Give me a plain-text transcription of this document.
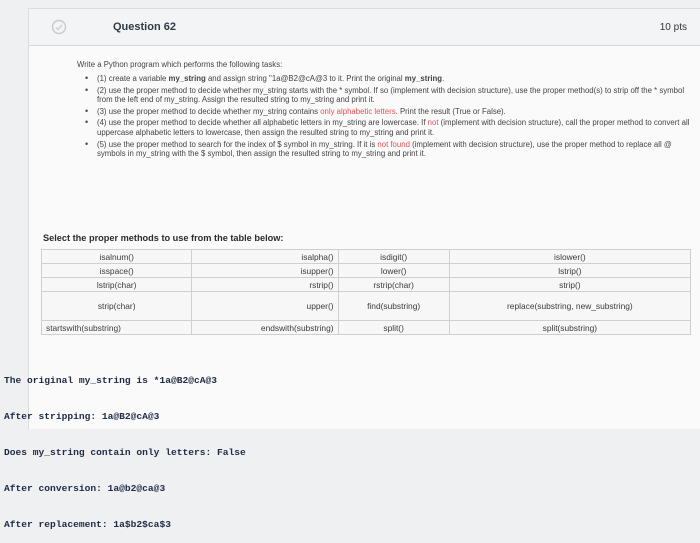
Question 62	10 pts
Write a Python program which performs the following tasks:
• (1) create a variable my_string and assign string "1a@B2@cA@3 to it. Print the original my_string.
• (2) use the proper method to decide whether my_string starts with the * symbol. If so (implement with decision structure), use the proper method(s) to strip off the * symbol from the left end of my_string. Assign the resulted string to my_string and print it.
• (3) use the proper method to decide whether my_string contains only alphabetic letters. Print the result (True or False).
• (4) use the proper method to decide whether all alphabetic letters in my_string are lowercase. If not (implement with decision structure), call the proper method to convert all uppercase alphabetic letters to lowercase, then assign the resulted string to my_string and print it.
• (5) use the proper method to search for the index of $ symbol in my_string. If it is not found (implement with decision structure), use the proper method to replace all @ symbols in my_string with the $ symbol, then assign the resulted string to my_string and print it.
Select the proper methods to use from the table below:
isalnum()	isalpha()	isdigit()	islower()
isspace()	isupper()	lower()	lstrip()
lstrip(char)	rstrip()	rstrip(char)	strip()
strip(char)	upper()	find(substring)	replace(substring, new_substring)
startswith(substring)	endswith(substring)	split()	split(substring)

The original my_string is *1a@B2@cA@3

After stripping: 1a@B2@cA@3

Does my_string contain only letters: False

After conversion: 1a@b2@ca@3

After replacement: 1a$b2$ca$3
